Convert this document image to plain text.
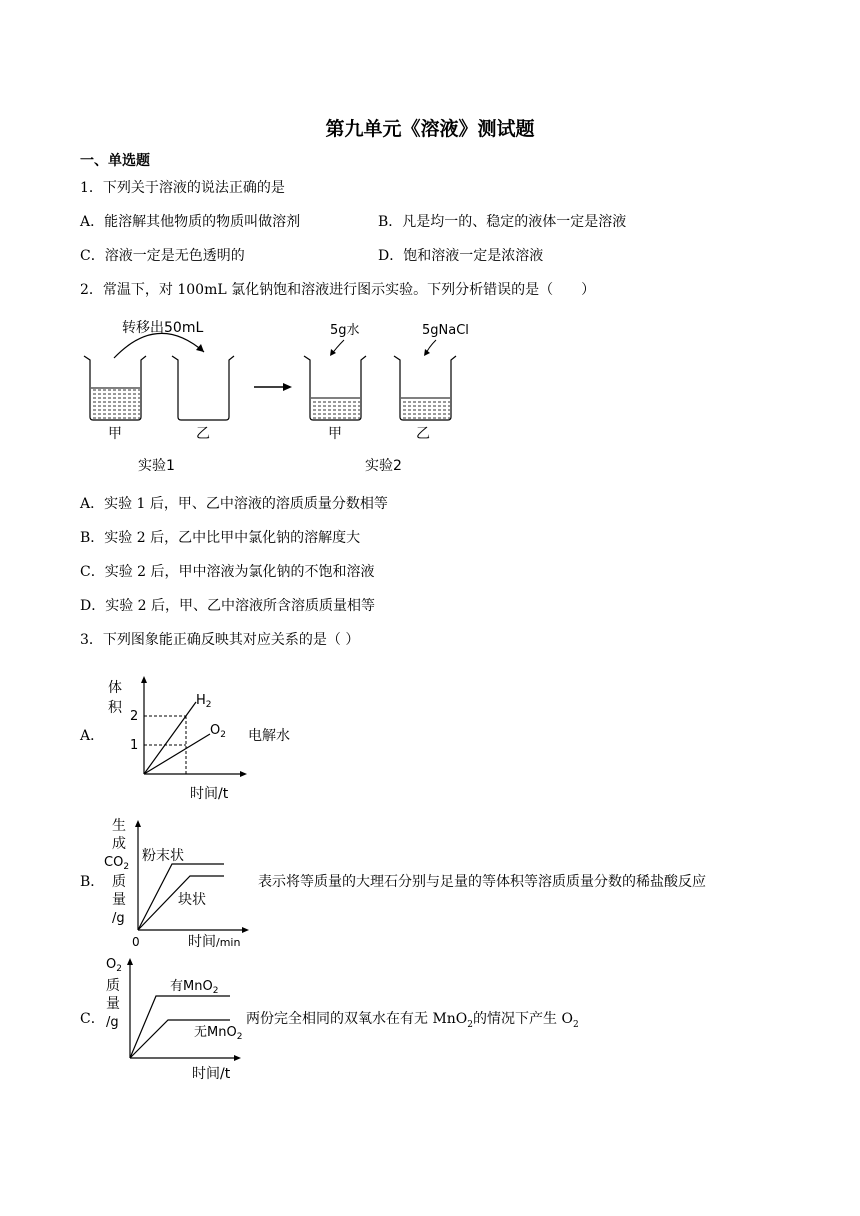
第九单元《溶液》测试题
一、单选题
1．下列关于溶液的说法正确的是
A．能溶解其他物质的物质叫做溶剂	B．凡是均一的、稳定的液体一定是溶液
C．溶液一定是无色透明的	D．饱和溶液一定是浓溶液
2．常温下，对 100mL 氯化钠饱和溶液进行图示实验。下列分析错误的是（　　）
转移出50mL
甲	乙
实验1
5g水	5gNaCl
甲	乙
实验2
A．实验 1 后，甲、乙中溶液的溶质质量分数相等
B．实验 2 后，乙中比甲中氯化钠的溶解度大
C．实验 2 后，甲中溶液为氯化钠的不饱和溶液
D．实验 2 后，甲、乙中溶液所含溶质质量相等
3．下列图象能正确反映其对应关系的是（ ）
A．
体
积
2
1
$H_2$
$O_2$
时间/t
电解水
B．
生
成
$CO_2$
质
量
/g
粉末状
块状
0	时间/min
表示将等质量的大理石分别与足量的等体积等溶质质量分数的稀盐酸反应
C．
$O_2$
质
量
/g
有MnO$_2$
无MnO$_2$
时间/t
两份完全相同的双氧水在有无 MnO$_2$的情况下产生 $O_2$
